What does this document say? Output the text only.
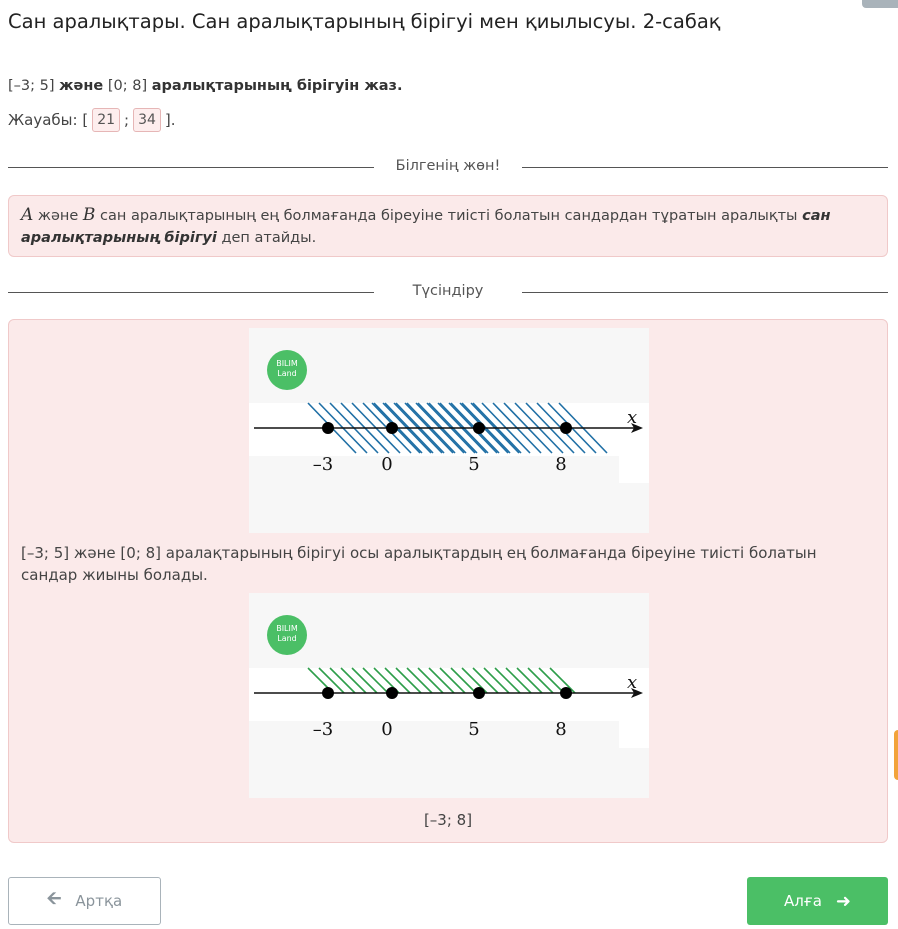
Сан аралықтары. Сан аралықтарының бірігуі мен қиылысуы. 2-сабақ
[–3; 5] және [0; 8] аралықтарының бірігуін жаз.
Жауабы: [ 21 ; 34 ].
Білгенің жөн!
A және B сан аралықтарының ең болмағанда біреуіне тиісті болатын сандардан тұратын аралықты сан аралықтарының бірігуі деп атайды.
Түсіндіру
BILIM
Land
x
–3	0	5	8
[–3; 5] және [0; 8] аралақтарының бірігуі осы аралықтардың ең болмағанда біреуіне тиісті болатын сандар жиыны болады.
BILIM
Land
x
–3	0	5	8
[–3; 8]
🡨 Артқа	Алға ➜
